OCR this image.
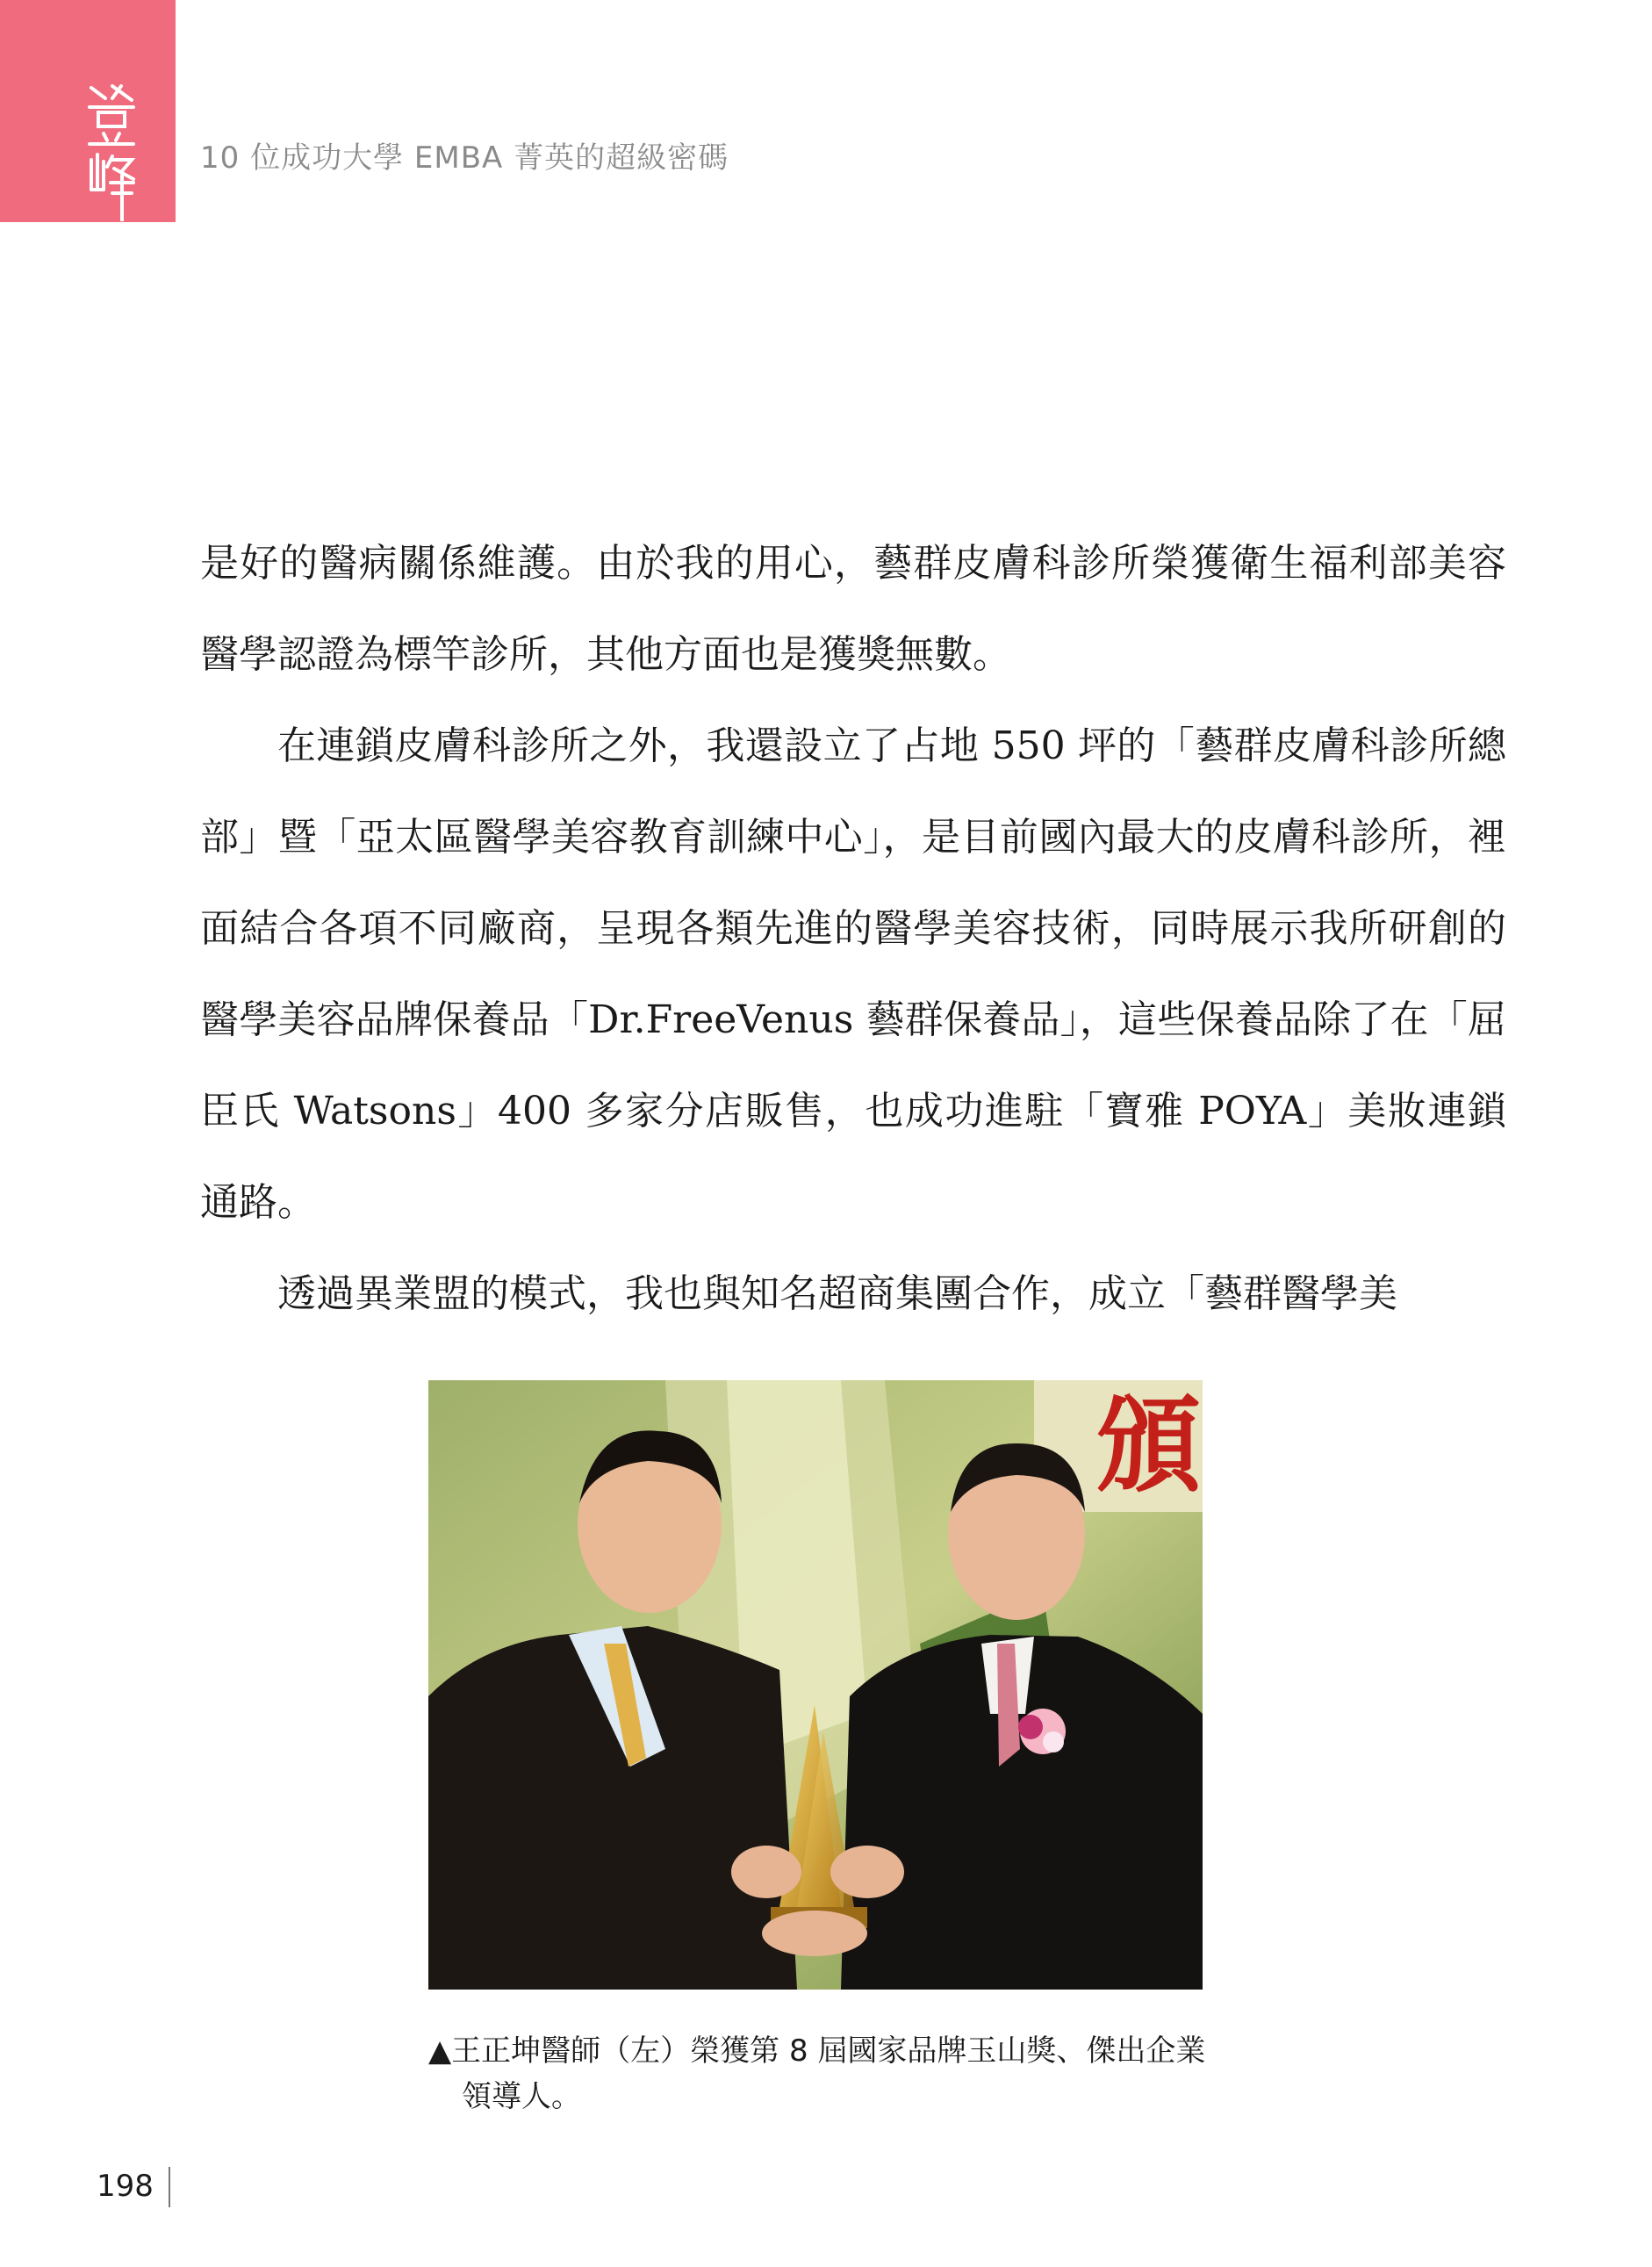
10 位成功大學 EMBA 菁英的超級密碼

是好的醫病關係維護。由於我的用心，藝群皮膚科診所榮獲衛生福利部美容醫學認證為標竿診所，其他方面也是獲獎無數。

在連鎖皮膚科診所之外，我還設立了占地 550 坪的「藝群皮膚科診所總部」暨「亞太區醫學美容教育訓練中心」，是目前國內最大的皮膚科診所，裡面結合各項不同廠商，呈現各類先進的醫學美容技術，同時展示我所研創的醫學美容品牌保養品「Dr.FreeVenus 藝群保養品」，這些保養品除了在「屈臣氏 Watsons」400 多家分店販售，也成功進駐「寶雅 POYA」美妝連鎖通路。

透過異業盟的模式，我也與知名超商集團合作，成立「藝群醫學美

頒
▲王正坤醫師（左）榮獲第 8 屆國家品牌玉山獎、傑出企業
領導人。
198
